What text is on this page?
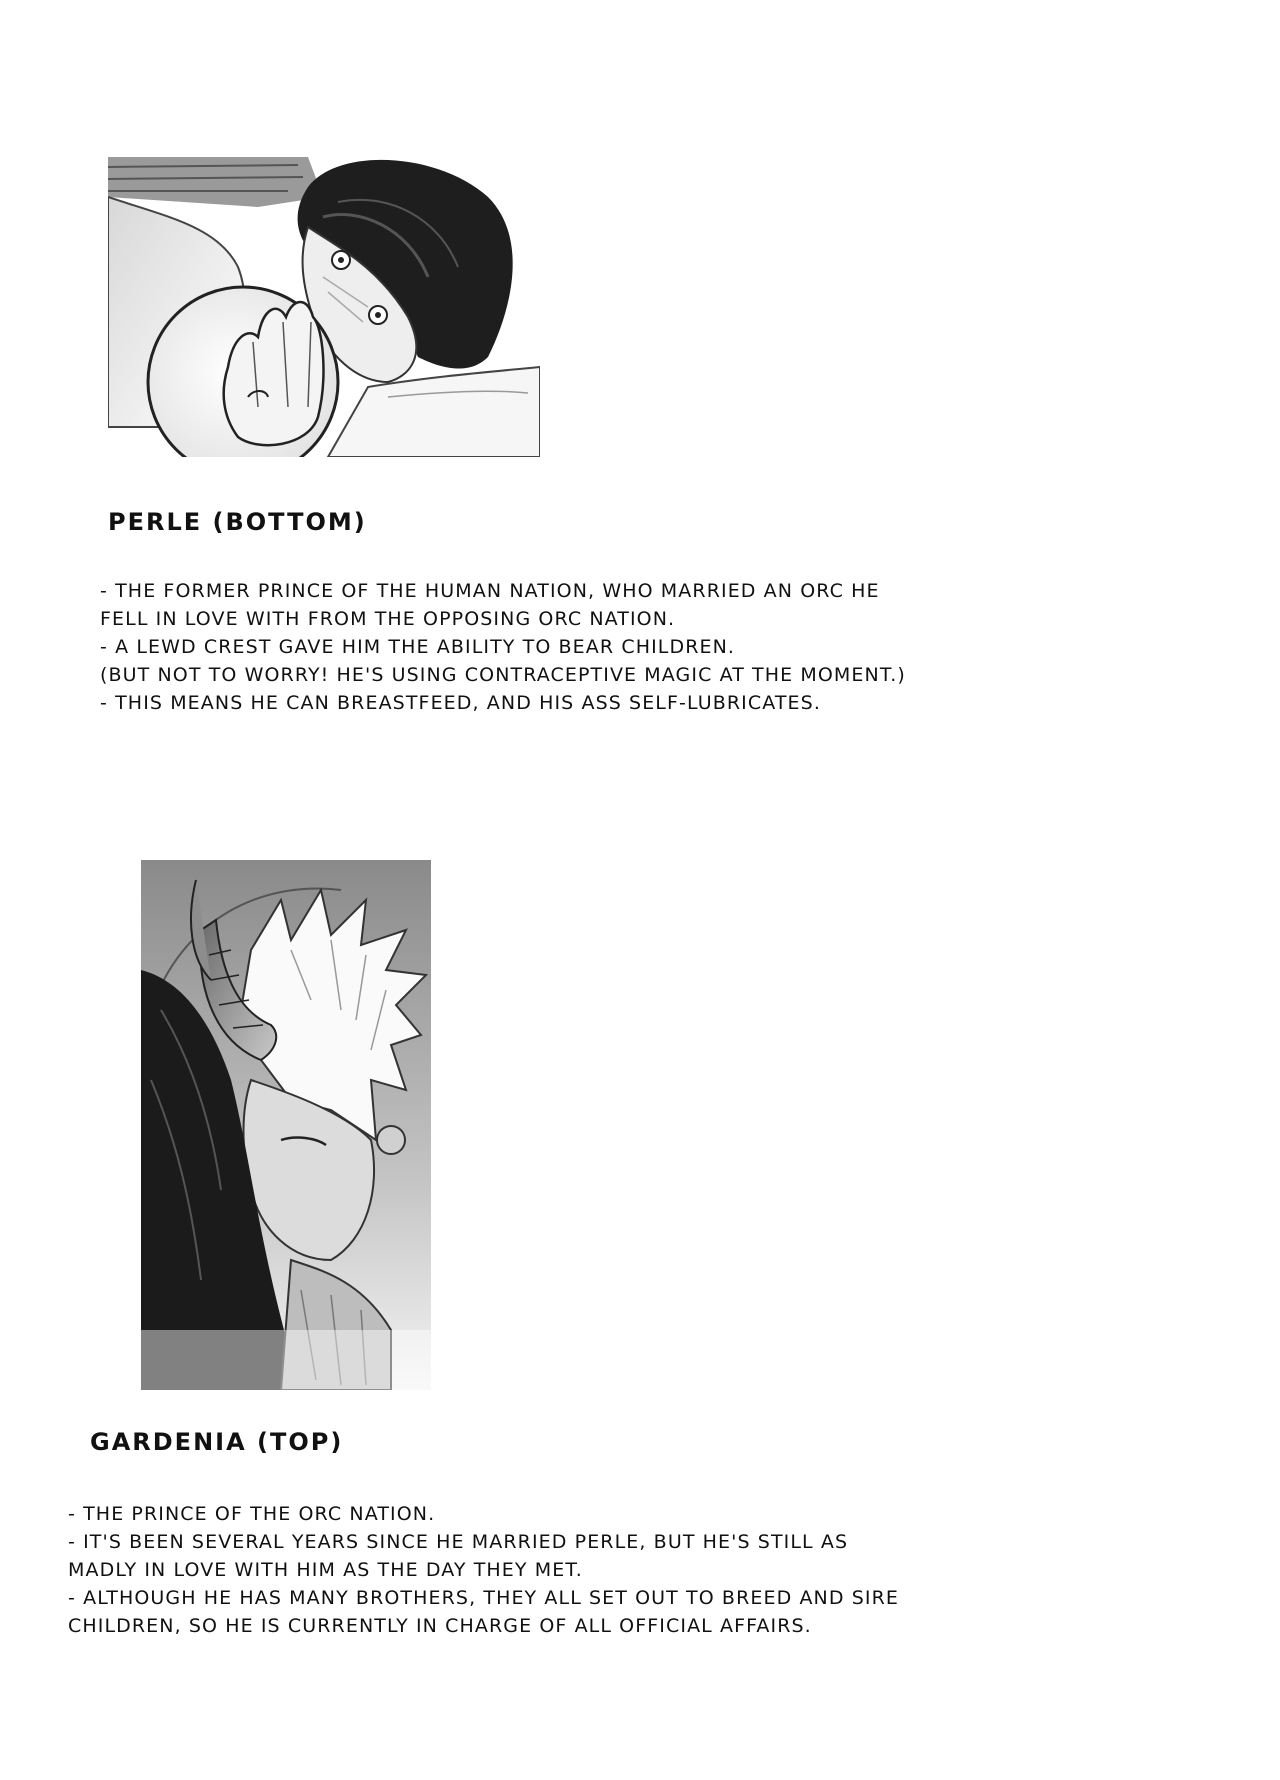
PERLE (BOTTOM)
- THE FORMER PRINCE OF THE HUMAN NATION, WHO MARRIED AN ORC HE
FELL IN LOVE WITH FROM THE OPPOSING ORC NATION.
- A LEWD CREST GAVE HIM THE ABILITY TO BEAR CHILDREN.
(BUT NOT TO WORRY! HE'S USING CONTRACEPTIVE MAGIC AT THE MOMENT.)
- THIS MEANS HE CAN BREASTFEED, AND HIS ASS SELF-LUBRICATES.
GARDENIA (TOP)
- THE PRINCE OF THE ORC NATION.
- IT'S BEEN SEVERAL YEARS SINCE HE MARRIED PERLE, BUT HE'S STILL AS
MADLY IN LOVE WITH HIM AS THE DAY THEY MET.
- ALTHOUGH HE HAS MANY BROTHERS, THEY ALL SET OUT TO BREED AND SIRE
CHILDREN, SO HE IS CURRENTLY IN CHARGE OF ALL OFFICIAL AFFAIRS.
